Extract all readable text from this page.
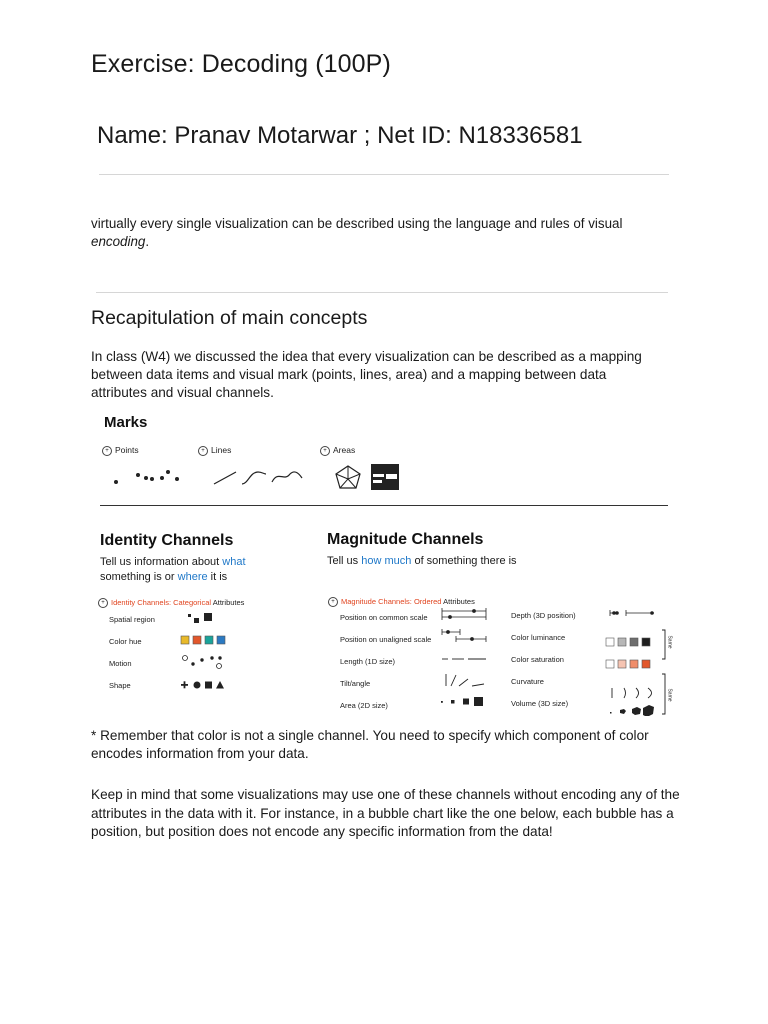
Exercise: Decoding (100P)
Name: Pranav Motarwar ; Net ID: N18336581
virtually every single visualization can be described using the language and rules of visual encoding.
Recapitulation of main concepts
In class (W4) we discussed the idea that every visualization can be described as a mapping between data items and visual mark (points, lines, area) and a mapping between data attributes and visual channels.
Marks
+ Points	+ Lines	+ Areas
Identity Channels
Tell us information about what
something is or where it is
+ Identity Channels: Categorical Attributes
Spatial region
Color hue
Motion
Shape
Magnitude Channels
Tell us how much of something there is
+ Magnitude Channels: Ordered Attributes
Position on common scale
Position on unaligned scale
Length (1D size)
Tilt/angle
Area (2D size)
Depth (3D position)
Color luminance
Color saturation
Curvature
Volume (3D size)
Same
Same
* Remember that color is not a single channel. You need to specify which component of color encodes information from your data.
Keep in mind that some visualizations may use one of these channels without encoding any of the attributes in the data with it. For instance, in a bubble chart like the one below, each bubble has a position, but position does not encode any specific information from the data!
